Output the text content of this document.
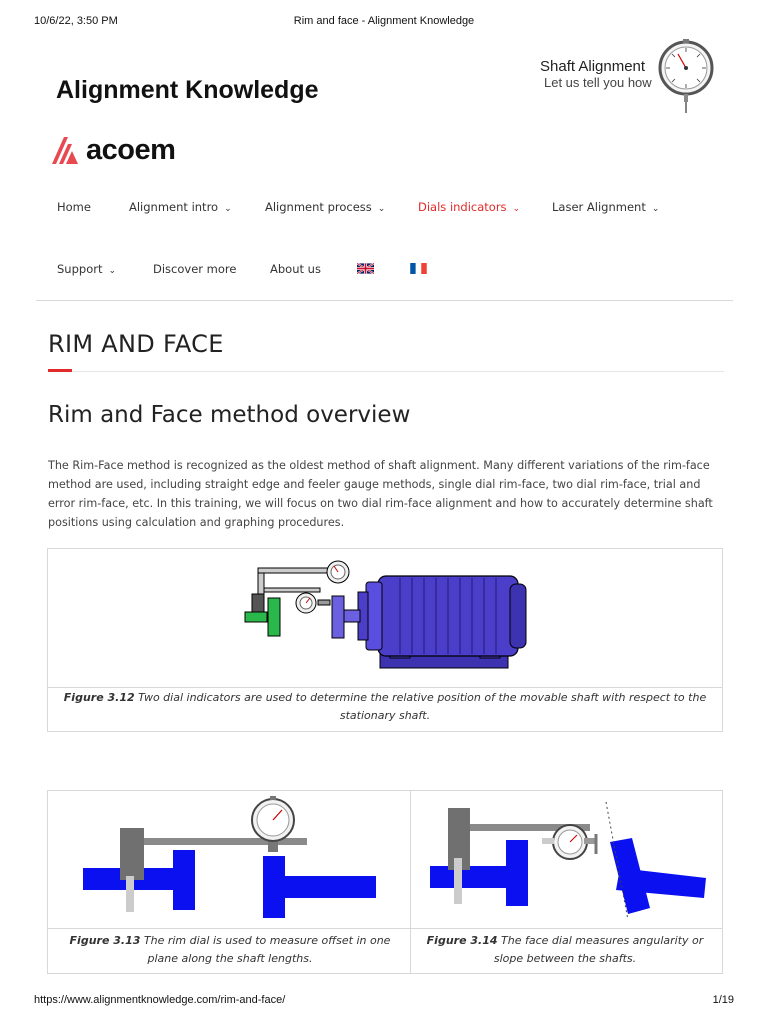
10/6/22, 3:50 PM	Rim and face - Alignment Knowledge
Alignment Knowledge
Shaft Alignment
Let us tell you how
acoem
Home	Alignment intro ⌄	Alignment process ⌄	Dials indicators ⌄	Laser Alignment ⌄
Support ⌄	Discover more	About us
RIM AND FACE
Rim and Face method overview
The Rim-Face method is recognized as the oldest method of shaft alignment. Many different variations of the rim-face method are used, including straight edge and feeler gauge methods, single dial rim-face, two dial rim-face, trial and error rim-face, etc. In this training, we will focus on two dial rim-face alignment and how to accurately determine shaft positions using calculation and graphing procedures.
Figure 3.12 Two dial indicators are used to determine the relative position of the movable shaft with respect to the stationary shaft.
Figure 3.13 The rim dial is used to measure offset in one plane along the shaft lengths.
Figure 3.14 The face dial measures angularity or slope between the shafts.
https://www.alignmentknowledge.com/rim-and-face/	1/19
